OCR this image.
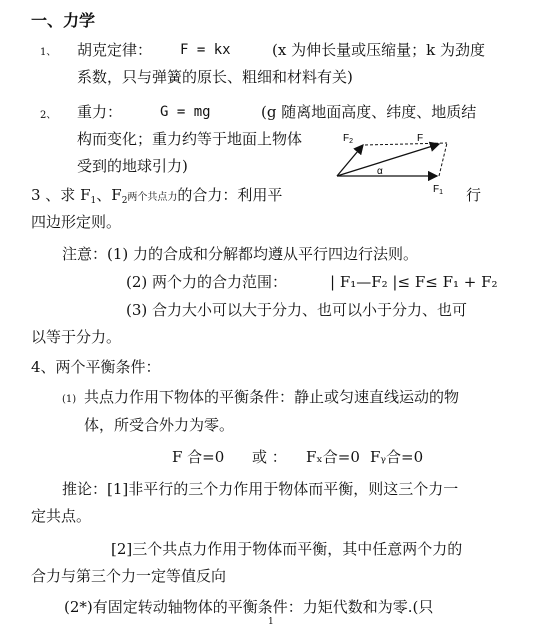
一、力学
1、 胡克定律： F = kx	(x 为伸长量或压缩量；k 为劲度
系数，只与弹簧的原长、粗细和材料有关)
2、 重力：	G = mg	(g 随离地面高度、纬度、地质结
构而变化；重力约等于地面上物体
受到的地球引力)
$F_2$	F
α
$F_1$
3 、求 $F_1$、$F_2$两个共点力的合力：利用平	行
四边形定则。
注意：(1) 力的合成和分解都均遵从平行四边行法则。
(2) 两个力的合力范围：	| F₁—F₂ |≤ F≤ F₁ + F₂
(3) 合力大小可以大于分力、也可以小于分力、也可
以等于分力。
4、两个平衡条件：
(1) 共点力作用下物体的平衡条件：静止或匀速直线运动的物
体，所受合外力为零。
F 合=0 或 ： Fₓ合=0 Fᵧ合=0
推论：[1]非平行的三个力作用于物体而平衡，则这三个力一
定共点。
[2]三个共点力作用于物体而平衡，其中任意两个力的
合力与第三个力一定等值反向
(2*)有固定转动轴物体的平衡条件：力矩代数和为零.(只
1
